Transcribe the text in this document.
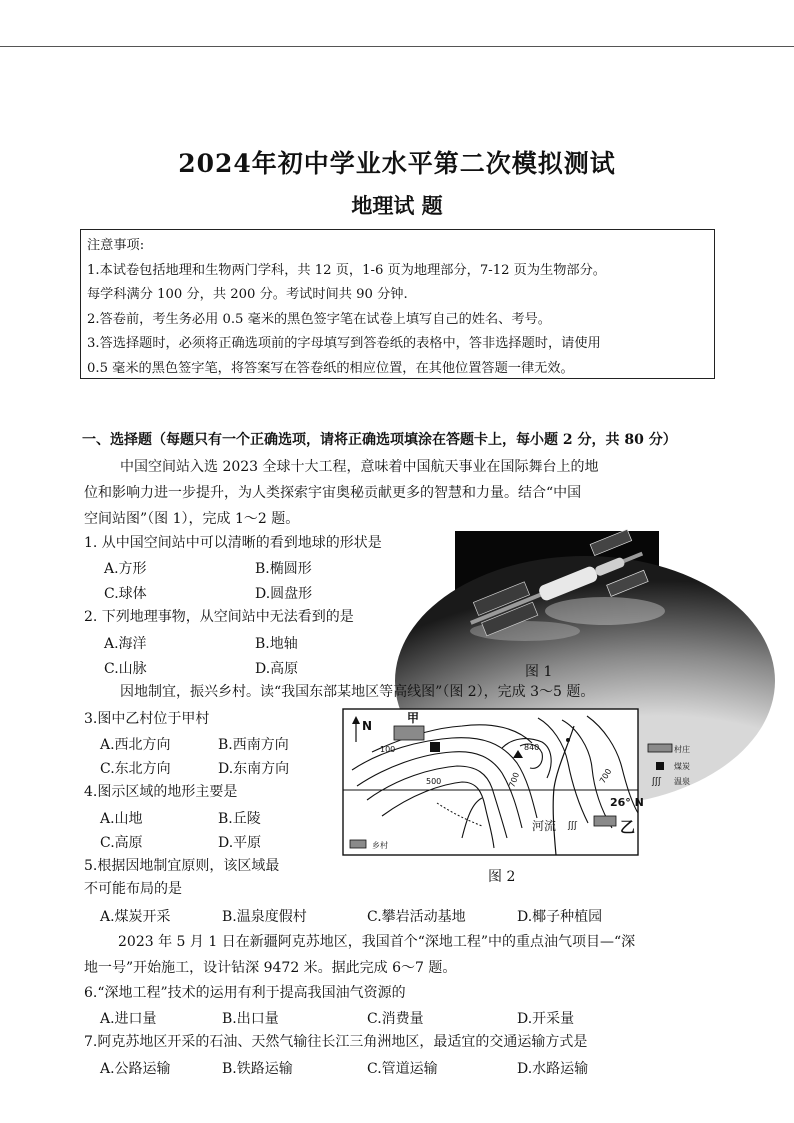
2024年初中学业水平第二次模拟测试
地理试 题
注意事项:
1.本试卷包括地理和生物两门学科，共 12 页，1-6 页为地理部分，7-12 页为生物部分。
每学科满分 100 分，共 200 分。考试时间共 90 分钟.
2.答卷前，考生务必用 0.5 毫米的黑色签字笔在试卷上填写自己的姓名、考号。
3.答选择题时，必须将正确选项前的字母填写到答卷纸的表格中，答非选择题时，请使用
0.5 毫米的黑色签字笔，将答案写在答卷纸的相应位置，在其他位置答题一律无效。
一、选择题（每题只有一个正确选项，请将正确选项填涂在答题卡上，每小题 2 分，共 80 分）
中国空间站入选 2023 全球十大工程，意味着中国航天事业在国际舞台上的地
位和影响力进一步提升，为人类探索宇宙奥秘贡献更多的智慧和力量。结合“中国
空间站图”（图 1），完成 1～2 题。
1. 从中国空间站中可以清晰的看到地球的形状是
A.方形	B.椭圆形
C.球体	D.圆盘形
2. 下列地理事物，从空间站中无法看到的是
A.海洋	B.地轴
C.山脉	D.高原	图 1
因地制宜，振兴乡村。读“我国东部某地区等高线图”（图 2），完成 3～5 题。
3.图中乙村位于甲村
A.西北方向	B.西南方向
C.东北方向	D.东南方向
4.图示区域的地形主要是
A.山地	B.丘陵
C.高原	D.平原
N
甲
100
500	700	700
840
河流 ʃʃʃ	乙
26° N
乡村
村庄
煤炭
ʃʃʃ 温泉
图 2
5.根据因地制宜原则，该区域最
不可能布局的是
A.煤炭开采	B.温泉度假村	C.攀岩活动基地	D.椰子种植园
2023 年 5 月 1 日在新疆阿克苏地区，我国首个“深地工程”中的重点油气项目—“深
地一号”开始施工，设计钻深 9472 米。据此完成 6～7 题。
6.“深地工程”技术的运用有利于提高我国油气资源的
A.进口量	B.出口量	C.消费量	D.开采量
7.阿克苏地区开采的石油、天然气输往长江三角洲地区，最适宜的交通运输方式是
A.公路运输	B.铁路运输	C.管道运输	D.水路运输
